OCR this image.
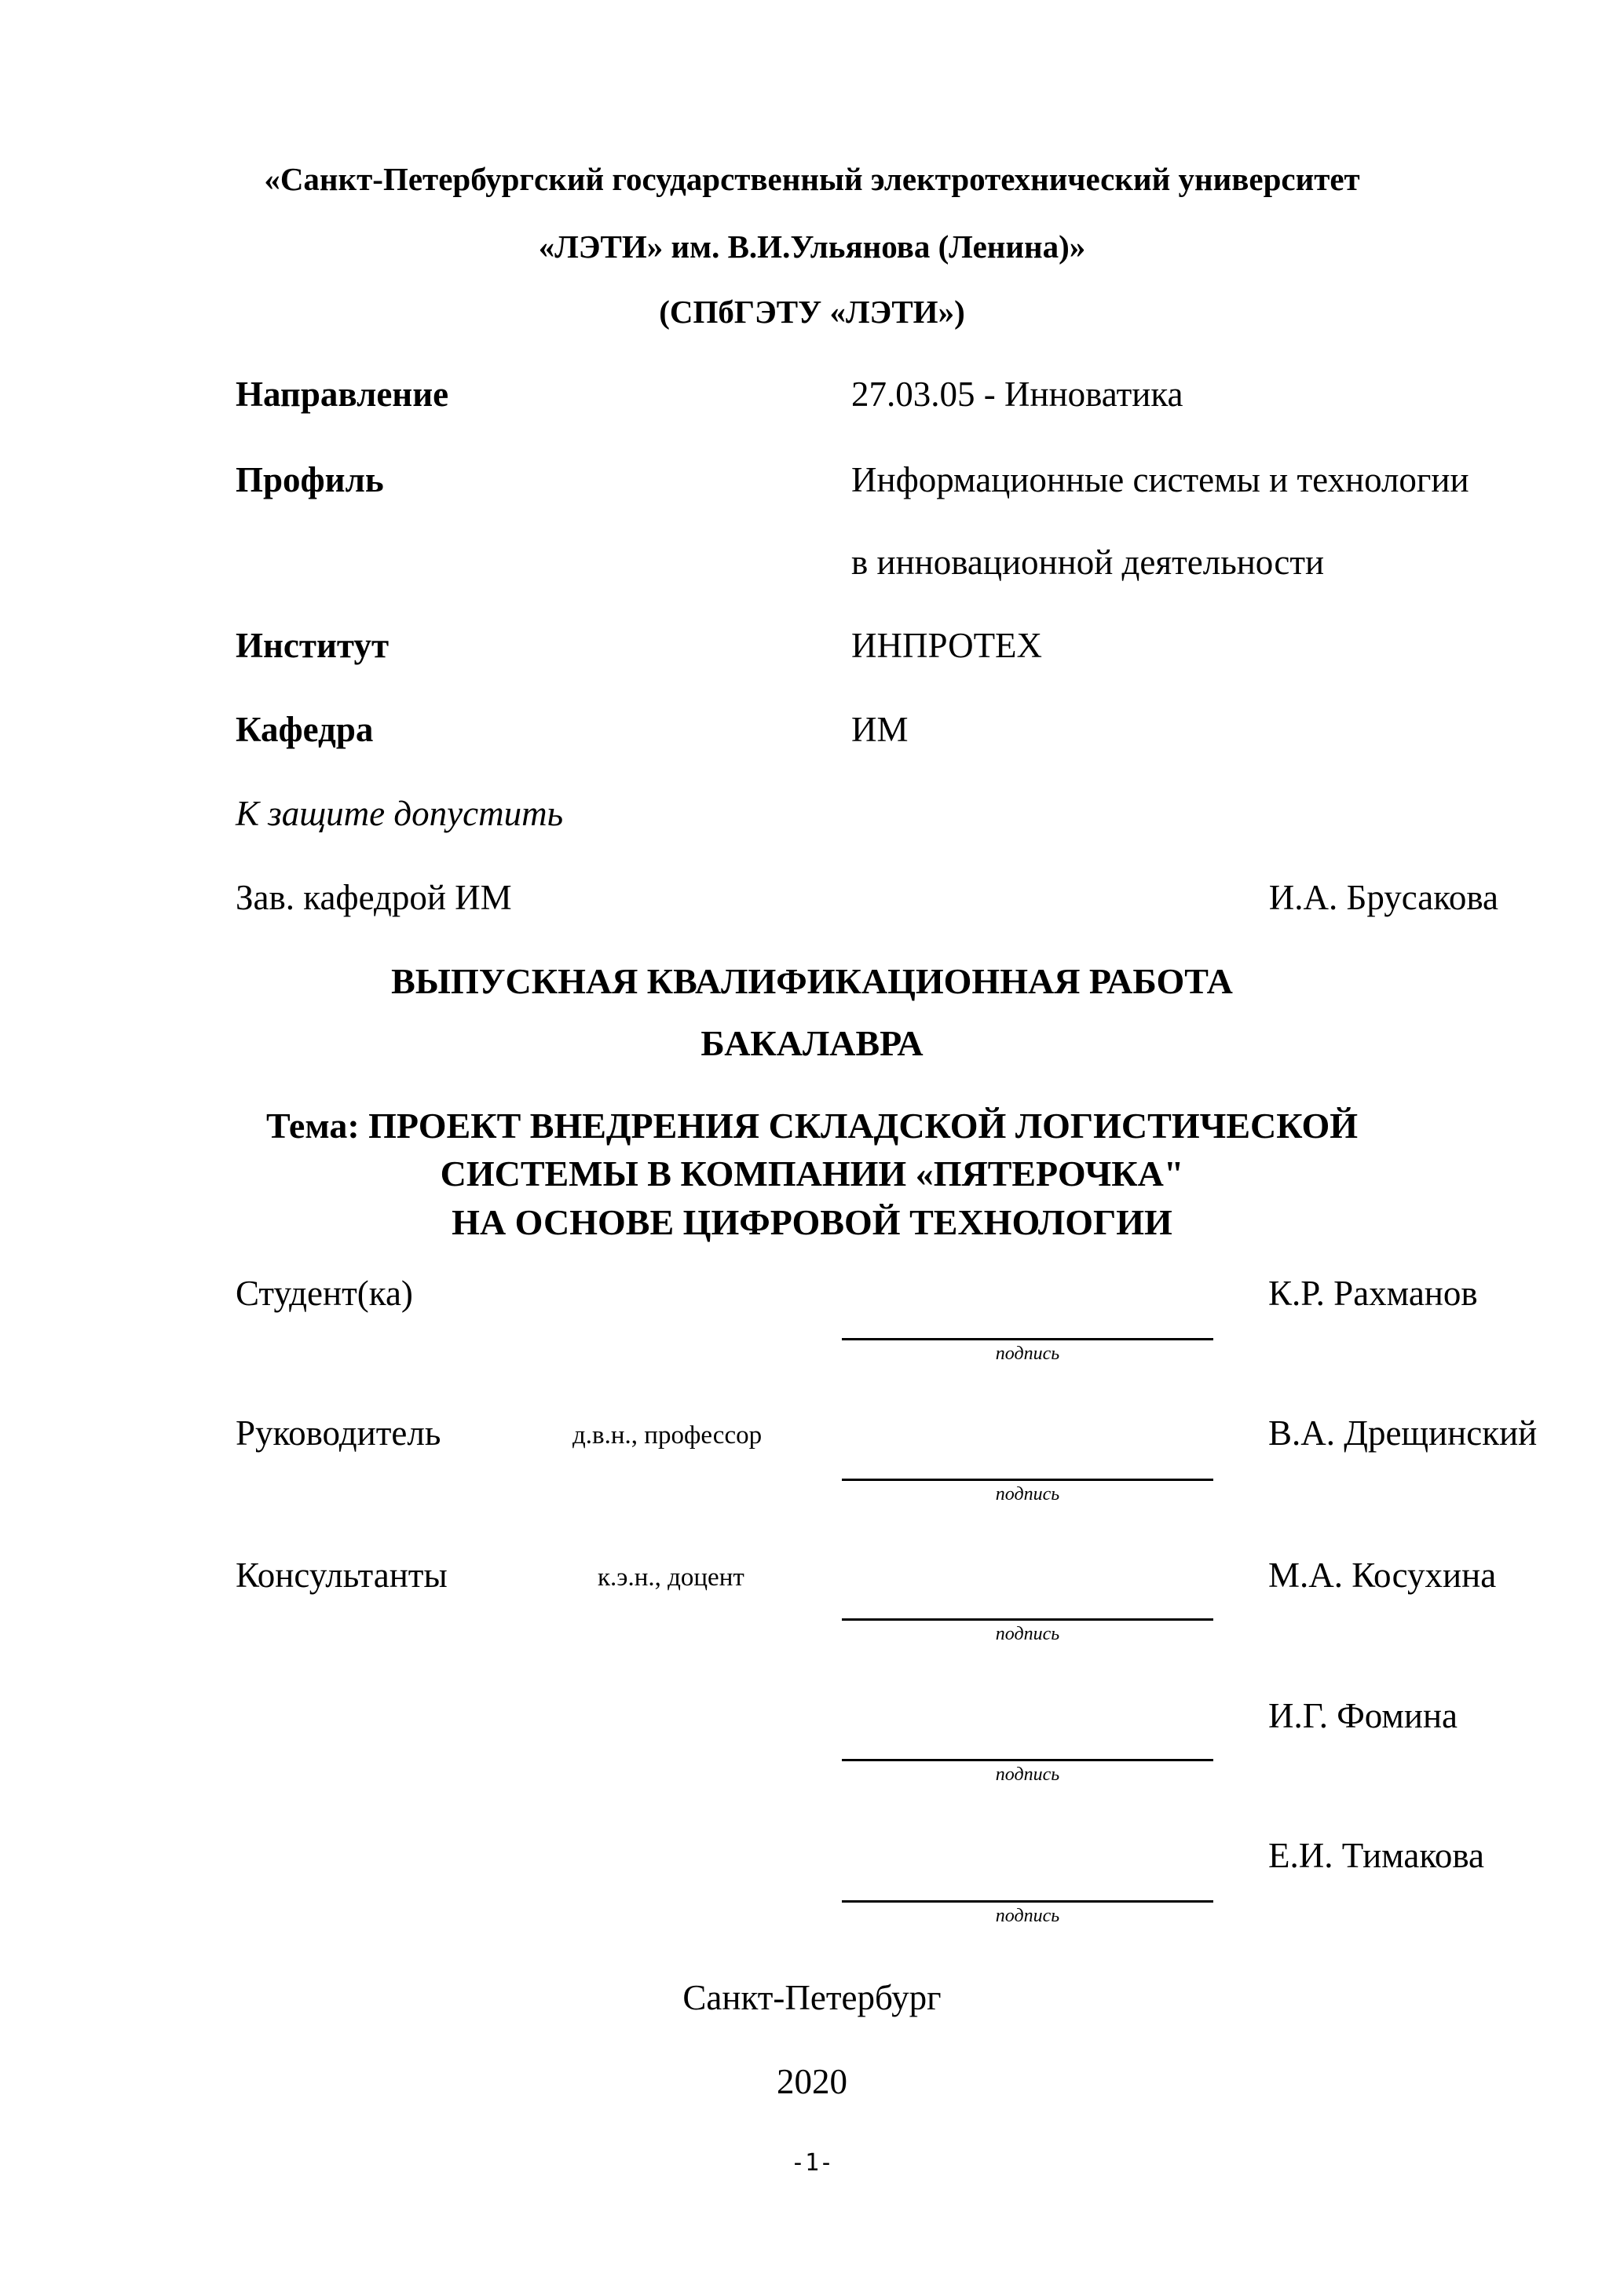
«Санкт-Петербургский государственный электротехнический университет
«ЛЭТИ» им. В.И.Ульянова (Ленина)»
(СПбГЭТУ «ЛЭТИ»)
Направление	27.03.05 - Инноватика
Профиль	Информационные системы и технологии
в инновационной деятельности
Институт	ИНПРОТЕХ
Кафедра	ИМ
К защите допустить
Зав. кафедрой ИМ	И.А. Брусакова
ВЫПУСКНАЯ КВАЛИФИКАЦИОННАЯ РАБОТА
БАКАЛАВРА
Тема: ПРОЕКТ ВНЕДРЕНИЯ СКЛАДСКОЙ ЛОГИСТИЧЕСКОЙ
СИСТЕМЫ В КОМПАНИИ «ПЯТЕРОЧКА"
НА ОСНОВЕ ЦИФРОВОЙ ТЕХНОЛОГИИ
Студент(ка)	К.Р. Рахманов
подпись
Руководитель	д.в.н., профессор	В.А. Дрещинский
подпись
Консультанты	к.э.н., доцент	М.А. Косухина
подпись
И.Г. Фомина
подпись
Е.И. Тимакова
подпись
Санкт-Петербург
2020
-1-
